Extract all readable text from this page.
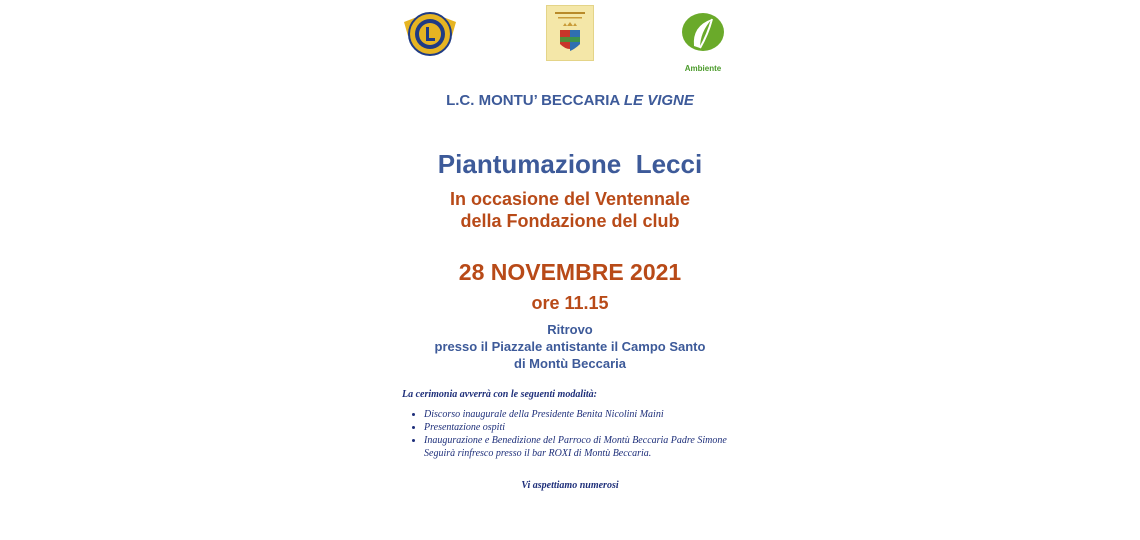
Ambiente
L.C. MONTU’ BECCARIA LE VIGNE
Piantumazione  Lecci
In occasione del Ventennale
della Fondazione del club
28 NOVEMBRE 2021
ore 11.15
Ritrovo
presso il Piazzale antistante il Campo Santo
di Montù Beccaria
La cerimonia avverrà con le seguenti modalità:
Discorso inaugurale della Presidente Benita Nicolini Maini
Presentazione ospiti
Inaugurazione e Benedizione del Parroco di Montù Beccaria Padre Simone
Seguirà rinfresco presso il bar ROXI di Montù Beccaria.
Vi aspettiamo numerosi
